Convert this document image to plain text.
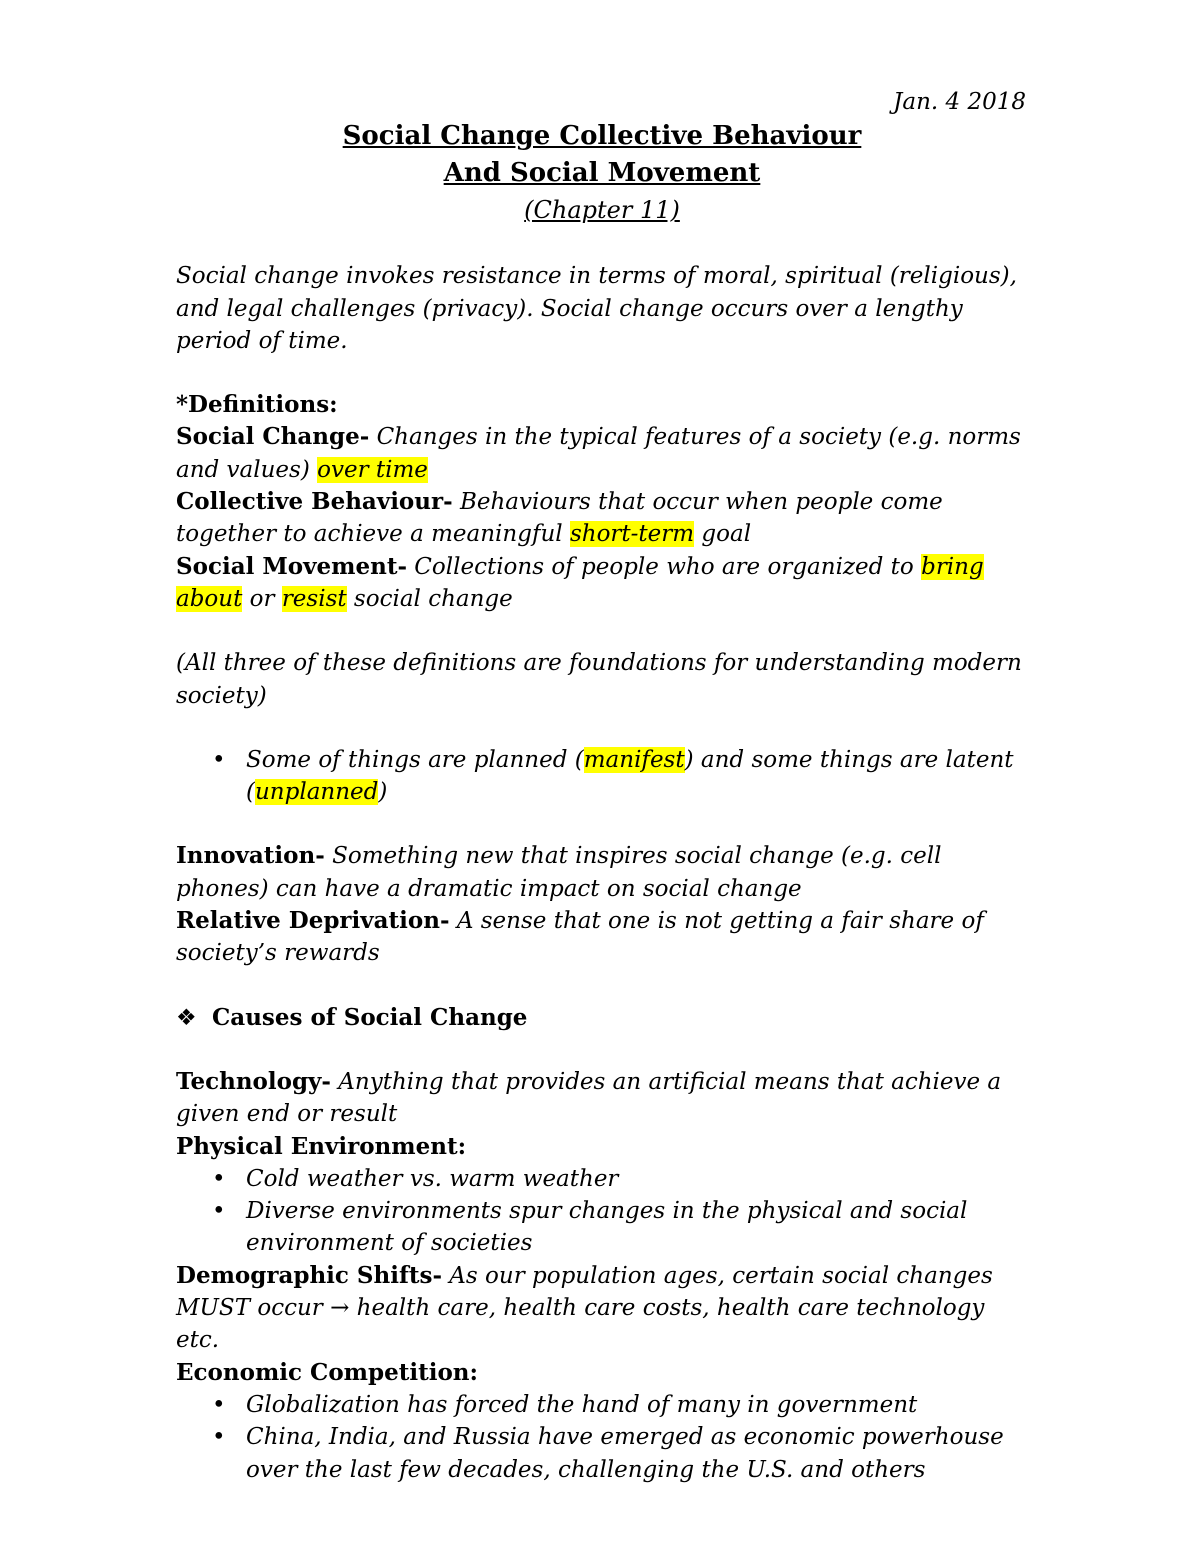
Jan. 4 2018
Social Change Collective Behaviour
And Social Movement
(Chapter 11)

Social change invokes resistance in terms of moral, spiritual (religious), and legal challenges (privacy). Social change occurs over a lengthy period of time.

*Definitions:

Social Change- Changes in the typical features of a society (e.g. norms and values) over time

Collective Behaviour- Behaviours that occur when people come together to achieve a meaningful short-term goal

Social Movement- Collections of people who are organized to bring about or resist social change

(All three of these definitions are foundations for understanding modern society)

• Some of things are planned (manifest) and some things are latent (unplanned)

Innovation- Something new that inspires social change (e.g. cell phones) can have a dramatic impact on social change

Relative Deprivation- A sense that one is not getting a fair share of society’s rewards

❖ Causes of Social Change

Technology- Anything that provides an artificial means that achieve a given end or result

Physical Environment:

• Cold weather vs. warm weather
• Diverse environments spur changes in the physical and social environment of societies

Demographic Shifts- As our population ages, certain social changes MUST occur → health care, health care costs, health care technology etc.

Economic Competition:

• Globalization has forced the hand of many in government
• China, India, and Russia have emerged as economic powerhouse over the last few decades, challenging the U.S. and others
